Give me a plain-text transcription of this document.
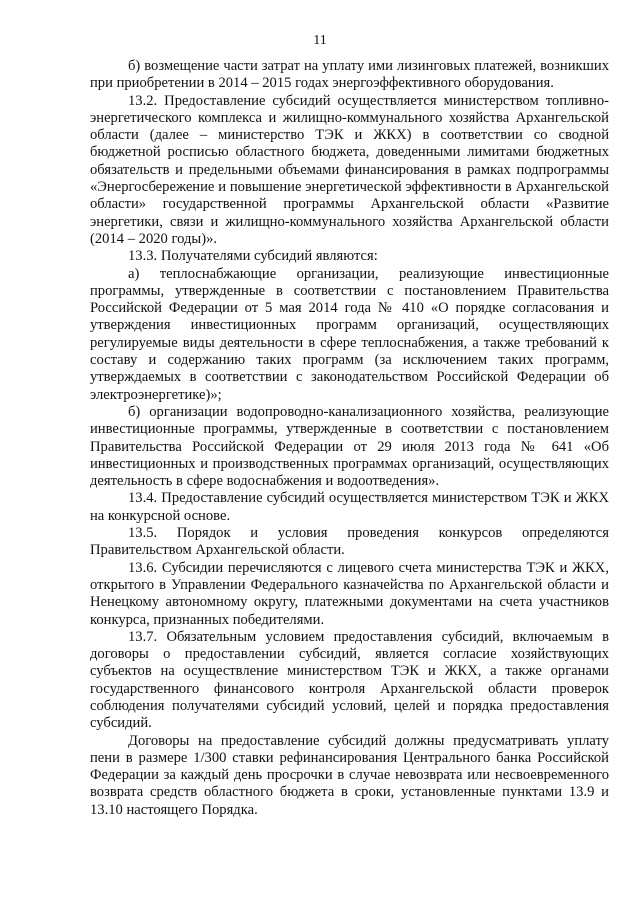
11

б) возмещение части затрат на уплату ими лизинговых платежей, возникших при приобретении в 2014 – 2015 годах энергоэффективного оборудования.

13.2. Предоставление субсидий осуществляется министерством топливно-энергетического комплекса и жилищно-коммунального хозяйства Архангельской области (далее – министерство ТЭК и ЖКХ) в соответствии со сводной бюджетной росписью областного бюджета, доведенными лимитами бюджетных обязательств и предельными объемами финансирования в рамках подпрограммы «Энергосбережение и повышение энергетической эффективности в Архангельской области» государственной программы Архангельской области «Развитие энергетики, связи и жилищно-коммунального хозяйства Архангельской области (2014 – 2020 годы)».

13.3. Получателями субсидий являются:

а) теплоснабжающие организации, реализующие инвестиционные программы, утвержденные в соответствии с постановлением Правительства Российской Федерации от 5 мая 2014 года № 410 «О порядке согласования и утверждения инвестиционных программ организаций, осуществляющих регулируемые виды деятельности в сфере теплоснабжения, а также требований к составу и содержанию таких программ (за исключением таких программ, утверждаемых в соответствии с законодательством Российской Федерации об электроэнергетике)»;

б) организации водопроводно-канализационного хозяйства, реализующие инвестиционные программы, утвержденные в соответствии с постановлением Правительства Российской Федерации от 29 июля 2013 года № 641 «Об инвестиционных и производственных программах организаций, осуществляющих деятельность в сфере водоснабжения и водоотведения».

13.4. Предоставление субсидий осуществляется министерством ТЭК и ЖКХ на конкурсной основе.

13.5. Порядок и условия проведения конкурсов определяются Правительством Архангельской области.

13.6. Субсидии перечисляются с лицевого счета министерства ТЭК и ЖКХ, открытого в Управлении Федерального казначейства по Архангельской области и Ненецкому автономному округу, платежными документами на счета участников конкурса, признанных победителями.

13.7. Обязательным условием предоставления субсидий, включаемым в договоры о предоставлении субсидий, является согласие хозяйствующих субъектов на осуществление министерством ТЭК и ЖКХ, а также органами государственного финансового контроля Архангельской области проверок соблюдения получателями субсидий условий, целей и порядка предоставления субсидий.

Договоры на предоставление субсидий должны предусматривать уплату пени в размере 1/300 ставки рефинансирования Центрального банка Российской Федерации за каждый день просрочки в случае невозврата или несвоевременного возврата средств областного бюджета в сроки, установленные пунктами 13.9 и 13.10 настоящего Порядка.
